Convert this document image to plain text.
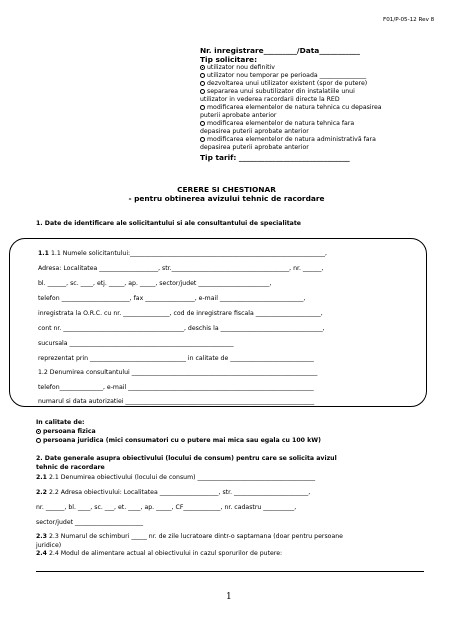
F01/P-05-12 Rev 8
Nr. inregistrare_________/Data___________
Tip solicitare:
utilizator nou definitiv
utilizator nou temporar pe perioada _______________
dezvoltarea unui utilizator existent (spor de putere)
separarea unui subutilizator din instalatiile unui
utilizator in vederea racordarii directe la RED
modificarea elementelor de natura tehnica cu depasirea
puterii aprobate anterior
modificarea elementelor de natura tehnica fara
depasirea puterii aprobate anterior
modificarea elementelor de natura administrativă fara
depasirea puterii aprobate anterior
Tip tarif: ______________________________
CERERE SI CHESTIONAR
- pentru obtinerea avizului tehnic de racordare
1. Date de identificare ale solicitantului si ale consultantului de specialitate
1.1 1.1 Numele solicitantului:_______________________________________________________________,
Adresa: Localitatea ___________________, str.______________________________________, nr. ______,
bl. ______, sc. ____, etj. _____, ap. _____, sector/judet _______________________,
telefon ______________________, fax ________________, e-mail ___________________________,
inregistrata la O.R.C. cu nr. _______________, cod de inregistrare fiscala _____________________,
cont nr. _______________________________________, deschis la _________________________________,
sucursala _____________________________________________________
reprezentat prin _______________________________ in calitate de ___________________________
1.2 Denumirea consultantului ____________________________________________________________
telefon______________, e-mail ____________________________________________________________
numarul si data autorizatiei _____________________________________________________________
In calitate de:
persoana fizica
persoana juridica (mici consumatori cu o putere mai mica sau egala cu 100 kW)
2. Date generale asupra obiectivului (locului de consum) pentru care se solicita avizul
tehnic de racordare
2.1 2.1 Denumirea obiectivului (locului de consum) ______________________________________
2.2 2.2 Adresa obiectivului: Localitatea ___________________, str. ________________________,
nr. ______, bl. ____, sc. ___, et. ____, ap. _____, CF____________, nr. cadastru __________,
sector/judet ______________________
2.3 2.3 Numarul de schimburi _____ nr. de zile lucratoare dintr-o saptamana (doar pentru persoane
juridice)
2.4 2.4 Modul de alimentare actual al obiectivului in cazul sporurilor de putere:
1
